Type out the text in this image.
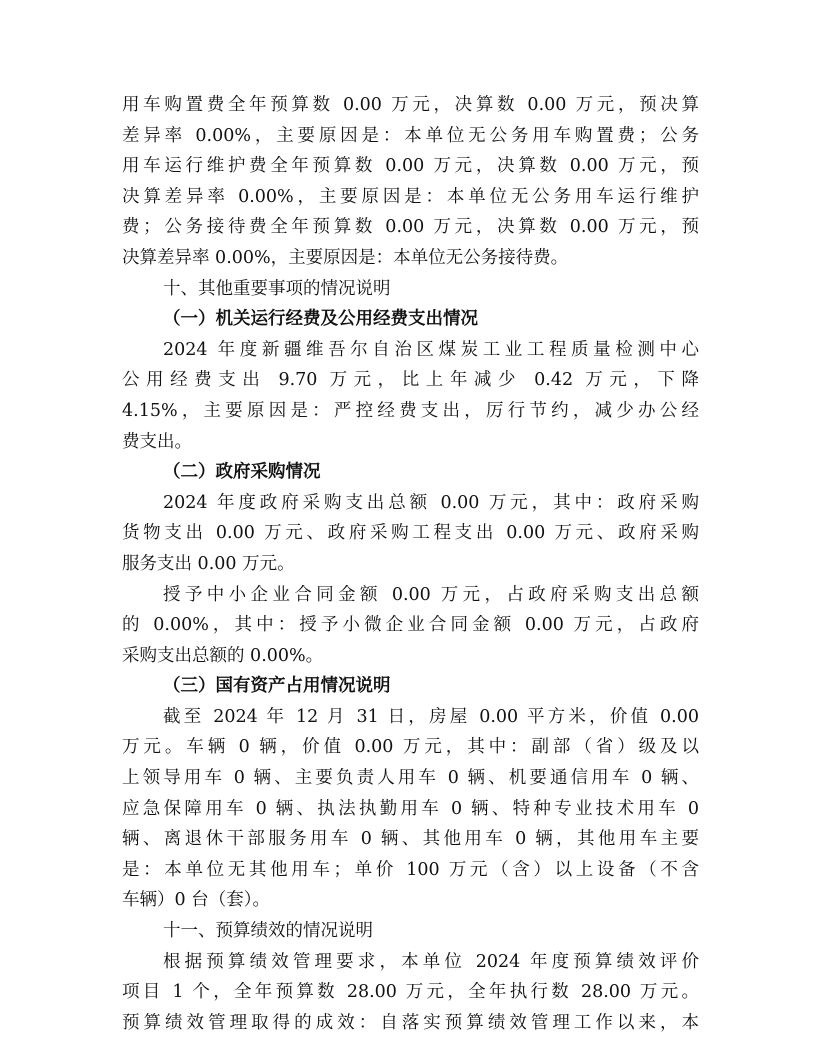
用车购置费全年预算数 0.00 万元，决算数 0.00 万元，预决算
差异率 0.00%，主要原因是：本单位无公务用车购置费；公务
用车运行维护费全年预算数 0.00 万元，决算数 0.00 万元，预
决算差异率 0.00%，主要原因是：本单位无公务用车运行维护
费；公务接待费全年预算数 0.00 万元，决算数 0.00 万元，预
决算差异率 0.00%，主要原因是：本单位无公务接待费。
十、其他重要事项的情况说明
（一）机关运行经费及公用经费支出情况
2024 年度新疆维吾尔自治区煤炭工业工程质量检测中心
公用经费支出 9.70 万元，比上年减少 0.42 万元，下降
4.15%，主要原因是：严控经费支出，厉行节约，减少办公经
费支出。
（二）政府采购情况
2024 年度政府采购支出总额 0.00 万元，其中：政府采购
货物支出 0.00 万元、政府采购工程支出 0.00 万元、政府采购
服务支出 0.00 万元。
授予中小企业合同金额 0.00 万元，占政府采购支出总额
的 0.00%，其中：授予小微企业合同金额 0.00 万元，占政府
采购支出总额的 0.00%。
（三）国有资产占用情况说明
截至 2024 年 12 月 31 日，房屋 0.00 平方米，价值 0.00
万元。车辆 0 辆，价值 0.00 万元，其中：副部（省）级及以
上领导用车 0 辆、主要负责人用车 0 辆、机要通信用车 0 辆、
应急保障用车 0 辆、执法执勤用车 0 辆、特种专业技术用车 0
辆、离退休干部服务用车 0 辆、其他用车 0 辆，其他用车主要
是：本单位无其他用车；单价 100 万元（含）以上设备（不含
车辆）0 台（套）。
十一、预算绩效的情况说明
根据预算绩效管理要求，本单位 2024 年度预算绩效评价
项目 1 个，全年预算数 28.00 万元，全年执行数 28.00 万元。
预算绩效管理取得的成效：自落实预算绩效管理工作以来，本
